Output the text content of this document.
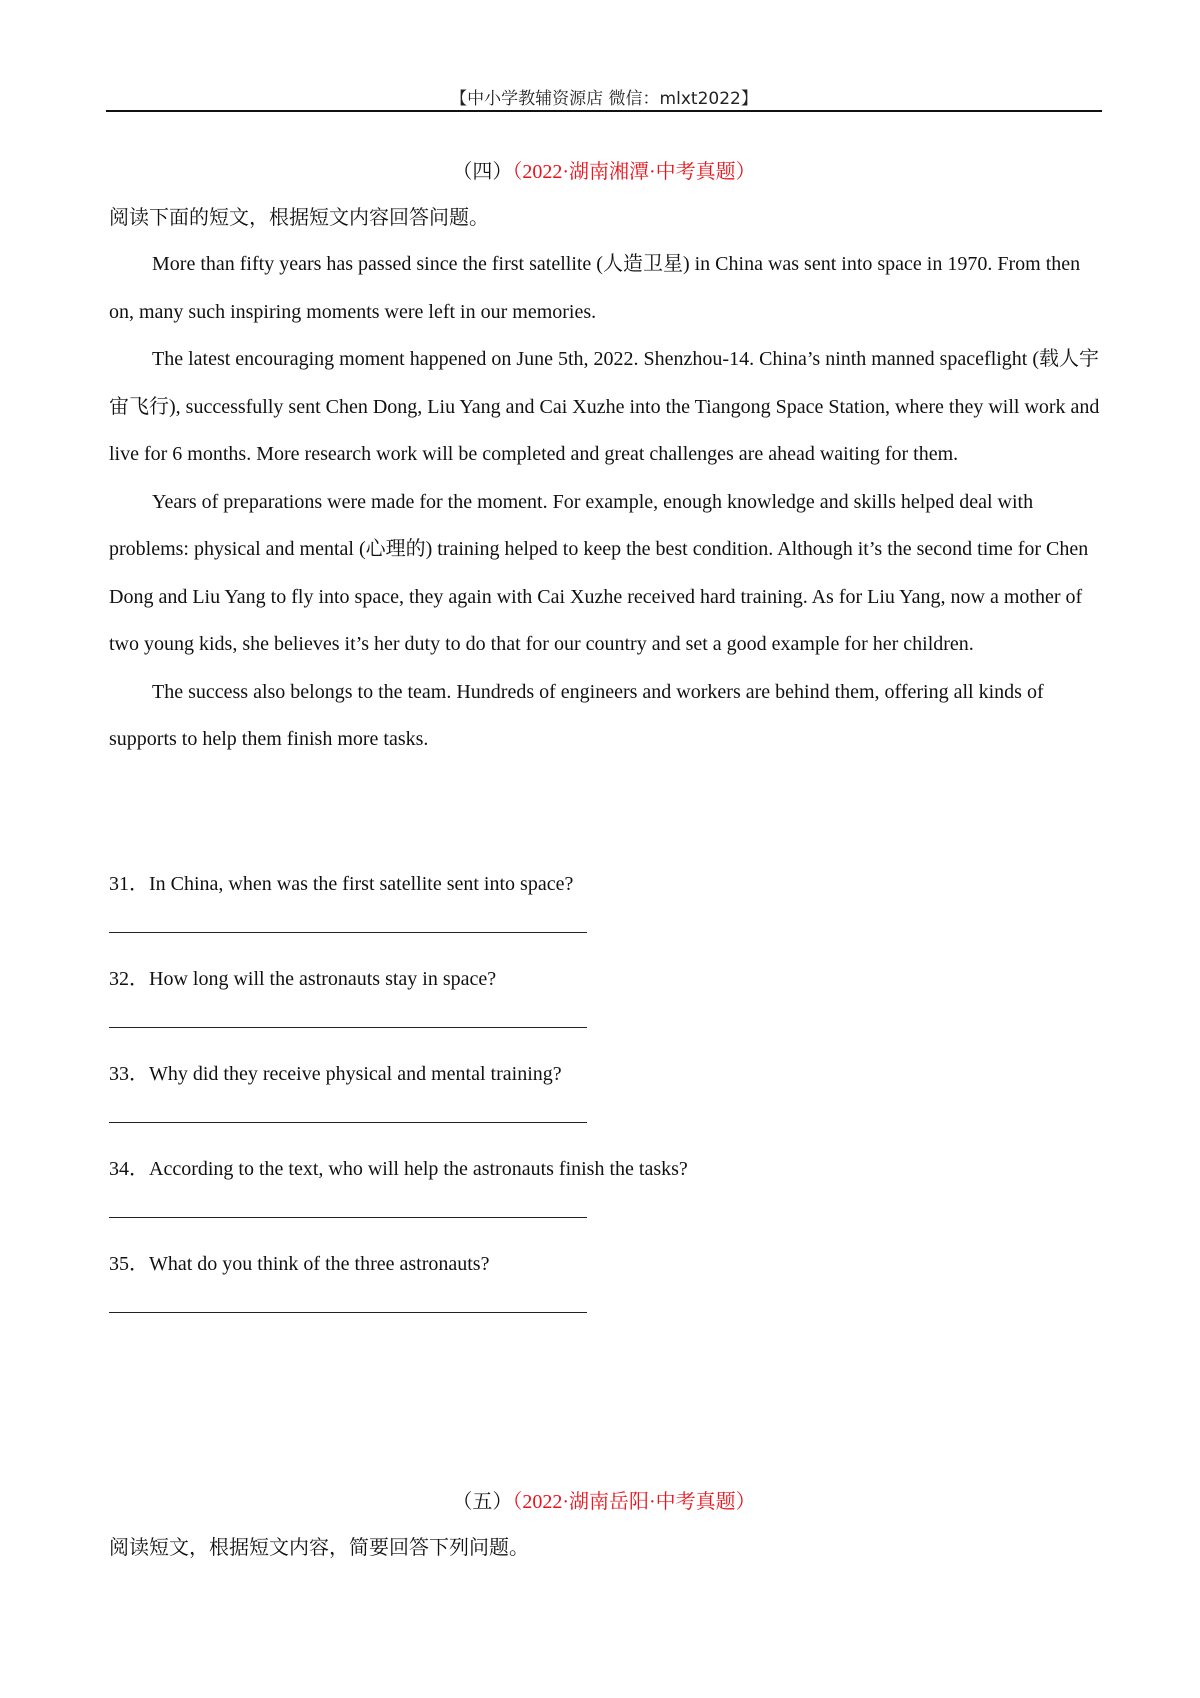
【中小学教辅资源店 微信：mlxt2022】
（四）（2022·湖南湘潭·中考真题）
阅读下面的短文，根据短文内容回答问题。

More than fifty years has passed since the first satellite (人造卫星) in China was sent into space in 1970. From then on, many such inspiring moments were left in our memories.

The latest encouraging moment happened on June 5th, 2022. Shenzhou-14. China’s ninth manned spaceflight (载人宇宙飞行), successfully sent Chen Dong, Liu Yang and Cai Xuzhe into the Tiangong Space Station, where they will work and live for 6 months. More research work will be completed and great challenges are ahead waiting for them.

Years of preparations were made for the moment. For example, enough knowledge and skills helped deal with problems: physical and mental (心理的) training helped to keep the best condition. Although it’s the second time for Chen Dong and Liu Yang to fly into space, they again with Cai Xuzhe received hard training. As for Liu Yang, now a mother of two young kids, she believes it’s her duty to do that for our country and set a good example for her children.

The success also belongs to the team. Hundreds of engineers and workers are behind them, offering all kinds of supports to help them finish more tasks.

31．In China, when was the first satellite sent into space?
32．How long will the astronauts stay in space?
33．Why did they receive physical and mental training?
34．According to the text, who will help the astronauts finish the tasks?
35．What do you think of the three astronauts?
（五）（2022·湖南岳阳·中考真题）
阅读短文，根据短文内容，简要回答下列问题。
